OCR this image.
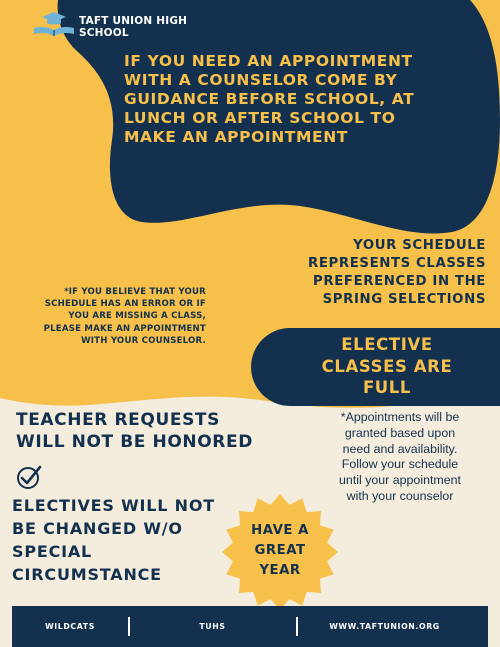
TAFT UNION HIGH
SCHOOL
IF YOU NEED AN APPOINTMENT
WITH A COUNSELOR COME BY
GUIDANCE BEFORE SCHOOL, AT
LUNCH OR AFTER SCHOOL TO
MAKE AN APPOINTMENT
YOUR SCHEDULE
REPRESENTS CLASSES
PREFERENCED IN THE
SPRING SELECTIONS
*IF YOU BELIEVE THAT YOUR
SCHEDULE HAS AN ERROR OR IF
YOU ARE MISSING A CLASS,
PLEASE MAKE AN APPOINTMENT
WITH YOUR COUNSELOR.	ELECTIVE
CLASSES ARE
FULL
TEACHER REQUESTS
WILL NOT BE HONORED
*Appointments will be
granted based upon
need and availability.
Follow your schedule
until your appointment
with your counselor
ELECTIVES WILL NOT
BE CHANGED W/O
SPECIAL
CIRCUMSTANCE
HAVE A
GREAT
YEAR
WILDCATS	TUHS	WWW.TAFTUNION.ORG
